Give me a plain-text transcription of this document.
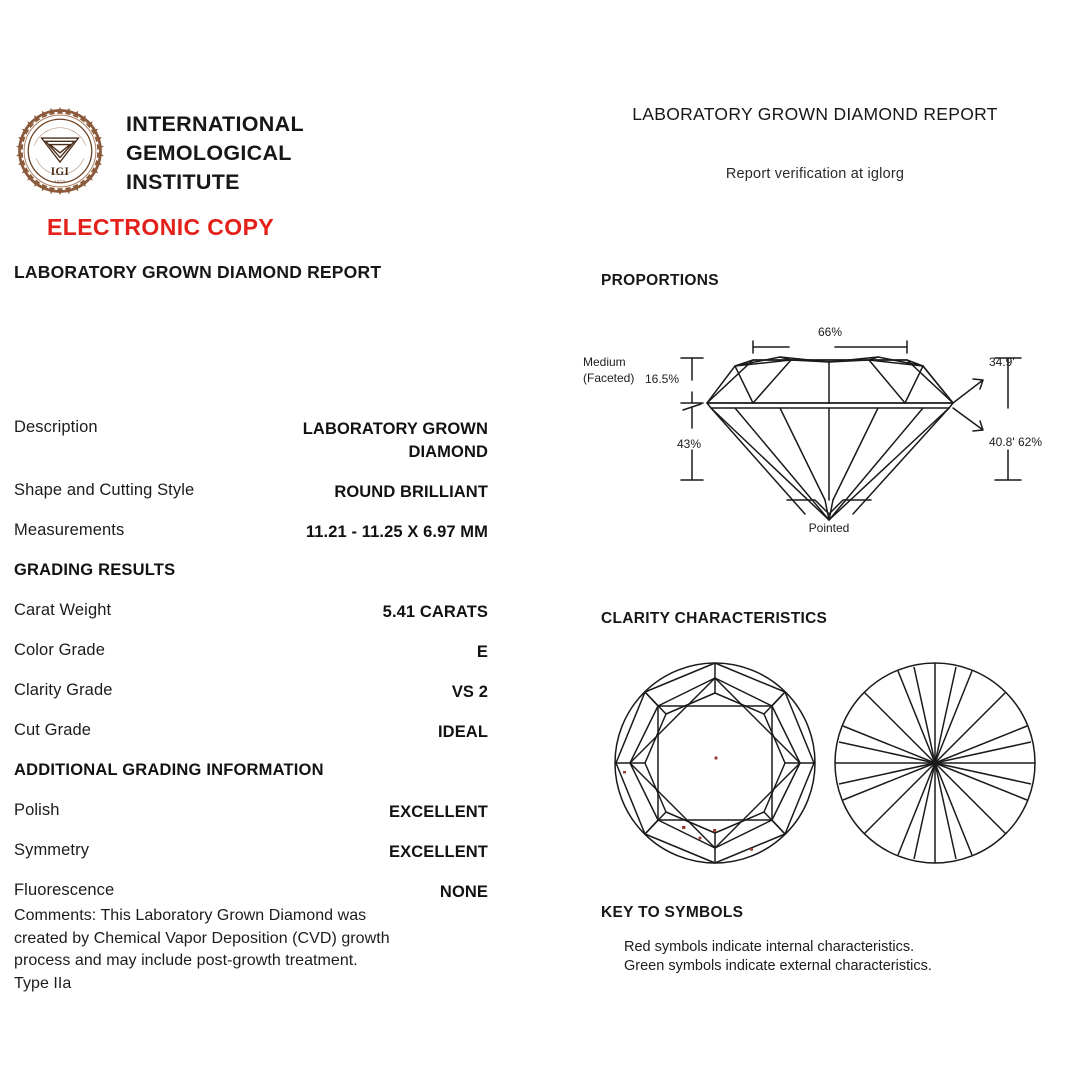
IGI
1975
INTERNATIONAL
GEMOLOGICAL
INSTITUTE
ELECTRONIC COPY
LABORATORY GROWN DIAMOND REPORT
LABORATORY GROWN DIAMOND REPORT
Report verification at iglorg
Description	LABORATORY GROWN
DIAMOND
Shape and Cutting Style	ROUND BRILLIANT
Measurements	11.21 - 11.25 X 6.97 MM
GRADING RESULTS
Carat Weight	5.41 CARATS
Color Grade	E
Clarity Grade	VS 2
Cut Grade	IDEAL
ADDITIONAL GRADING INFORMATION
Polish	EXCELLENT
Symmetry	EXCELLENT
Fluorescence	NONE
Comments: This Laboratory Grown Diamond was
created by Chemical Vapor Deposition (CVD) growth
process and may include post-growth treatment.
Type IIa
PROPORTIONS
66%
16.5%
43%	62%
34.9'
40.8'
Medium
(Faceted)
Pointed
CLARITY CHARACTERISTICS
KEY TO SYMBOLS
Red symbols indicate internal characteristics.
Green symbols indicate external characteristics.
